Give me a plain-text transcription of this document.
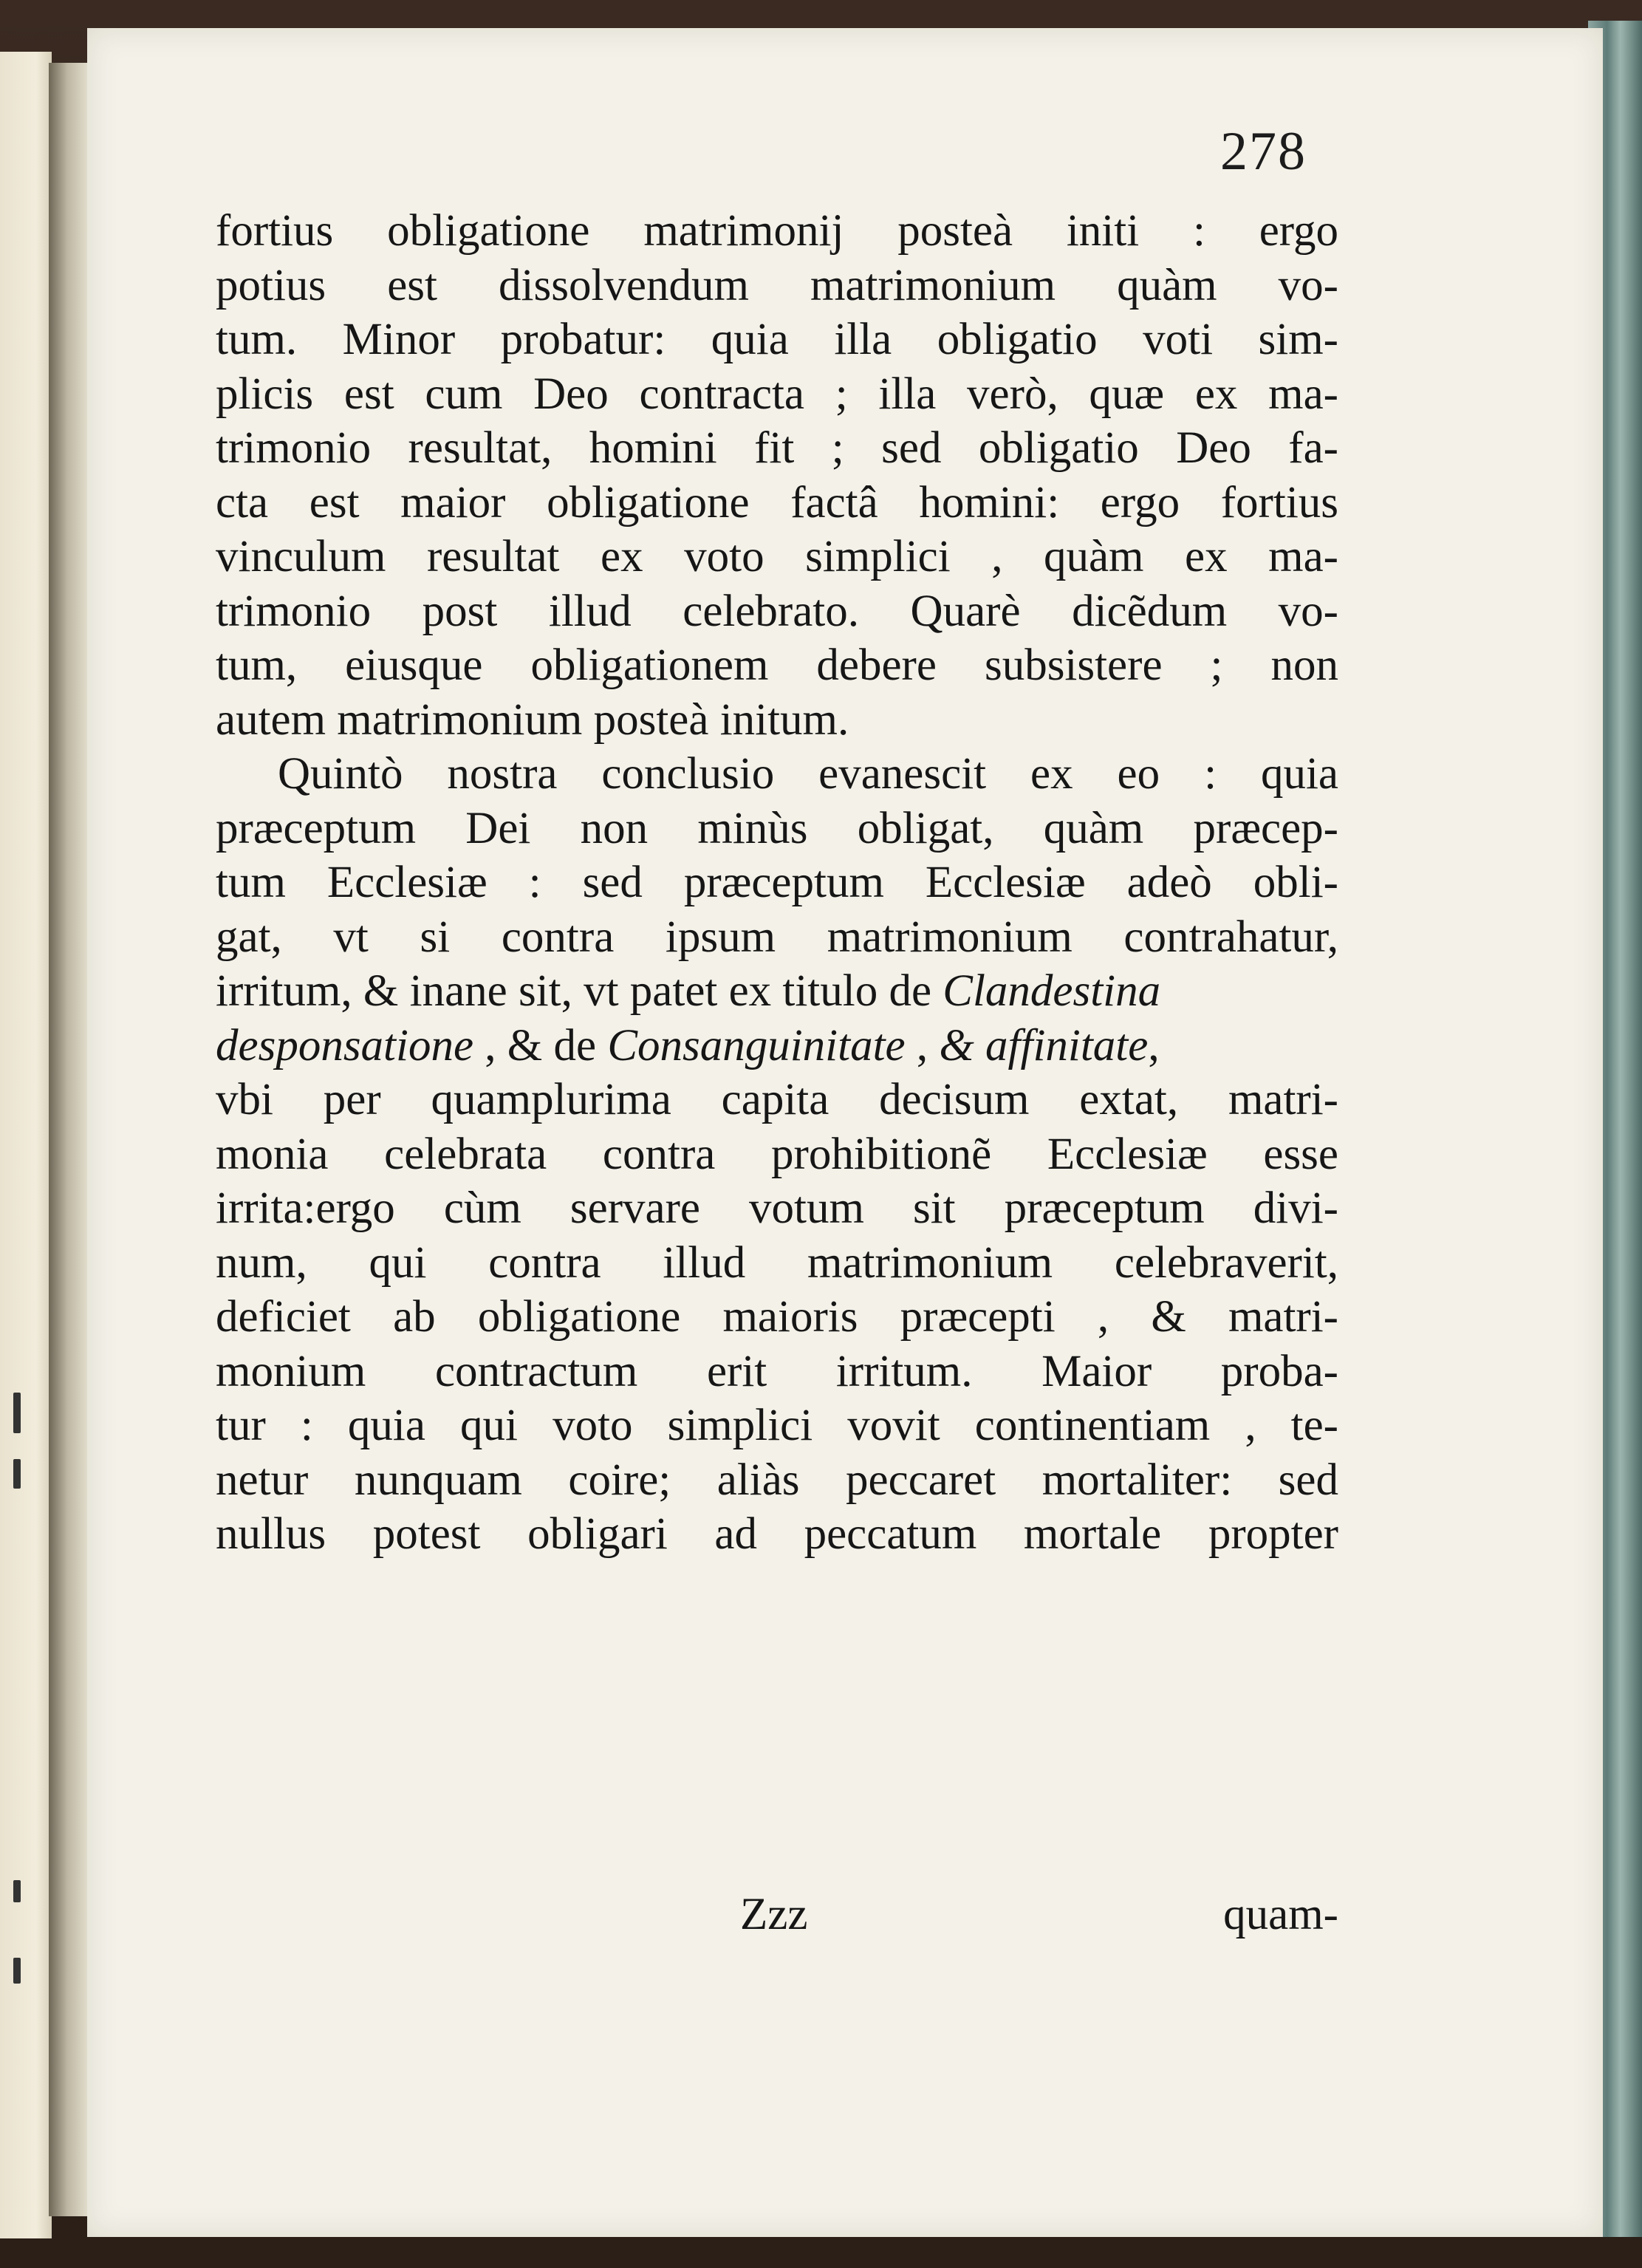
278

fortius obligatione matrimonij posteà initi : ergo
potius est dissolvendum matrimonium quàm vo-
tum. Minor probatur: quia illa obligatio voti sim-
plicis est cum Deo contracta ; illa verò, quæ ex ma-
trimonio resultat, homini fit ; sed obligatio Deo fa-
cta est maior obligatione factâ homini: ergo fortius
vinculum resultat ex voto simplici , quàm ex ma-
trimonio post illud celebrato. Quarè dicẽdum vo-
tum, eiusque obligationem debere subsistere ; non
autem matrimonium posteà initum.
Quintò nostra conclusio evanescit ex eo : quia
præceptum Dei non minùs obligat, quàm præcep-
tum Ecclesiæ : sed præceptum Ecclesiæ adeò obli-
gat, vt si contra ipsum matrimonium contrahatur,
irritum, & inane sit, vt patet ex titulo de Clandestina
desponsatione , & de Consanguinitate , & affinitate,
vbi per quamplurima capita decisum extat, matri-
monia celebrata contra prohibitionẽ Ecclesiæ esse
irrita:ergo cùm servare votum sit præceptum divi-
num, qui contra illud matrimonium celebraverit,
deficiet ab obligatione maioris præcepti , & matri-
monium contractum erit irritum. Maior proba-
tur : quia qui voto simplici vovit continentiam , te-
netur nunquam coire; aliàs peccaret mortaliter: sed
nullus potest obligari ad peccatum mortale propter

Zzz	quam-
